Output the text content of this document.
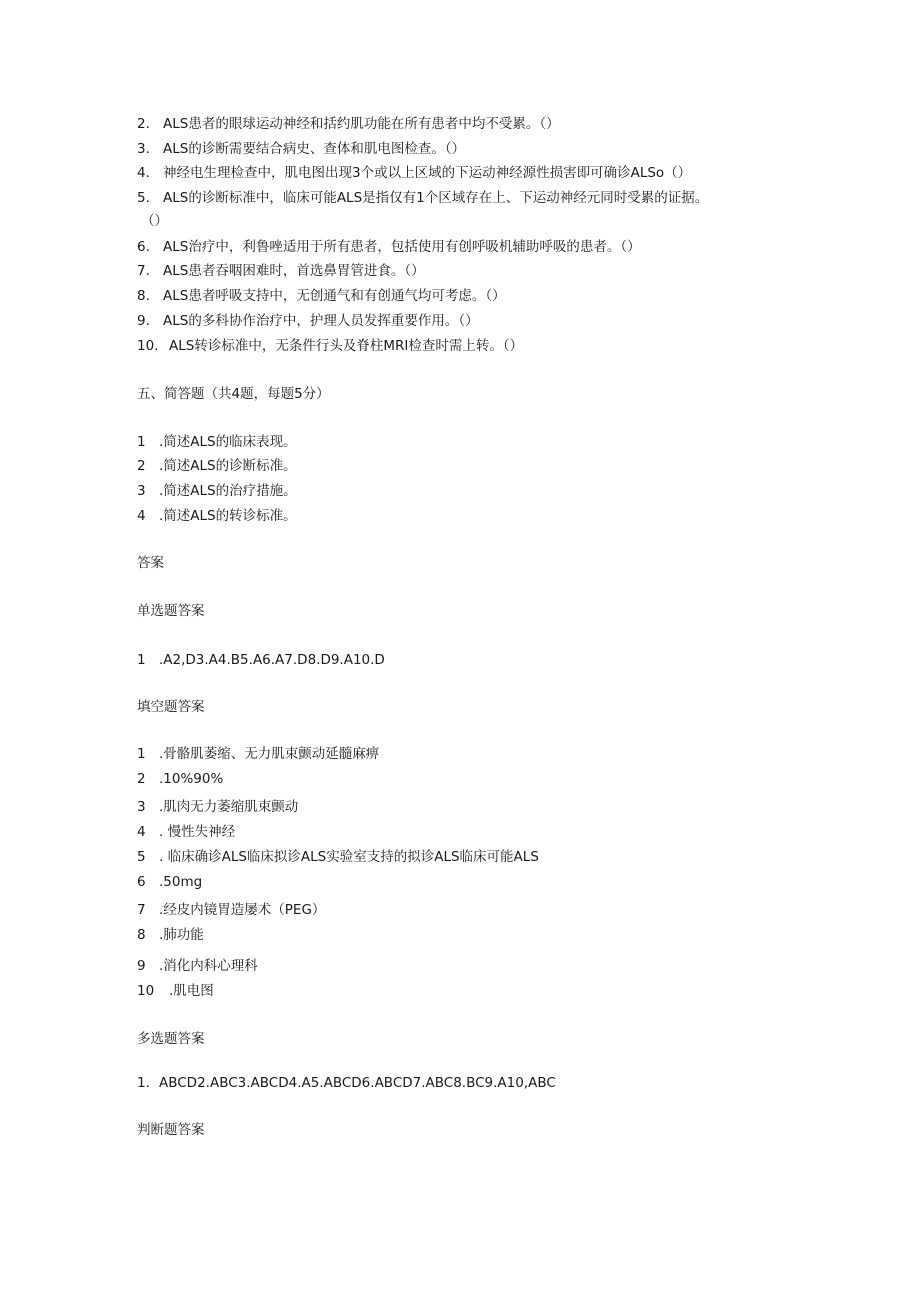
2. ALS患者的眼球运动神经和括约肌功能在所有患者中均不受累。（）
3. ALS的诊断需要结合病史、查体和肌电图检查。（）
4. 神经电生理检查中，肌电图出现3个或以上区域的下运动神经源性损害即可确诊ALSo（）
5. ALS的诊断标准中，临床可能ALS是指仅有1个区域存在上、下运动神经元同时受累的证据。
（）
6. ALS治疗中，利鲁唑适用于所有患者，包括使用有创呼吸机辅助呼吸的患者。（）
7. ALS患者吞咽困难时，首选鼻胃管进食。（）
8. ALS患者呼吸支持中，无创通气和有创通气均可考虑。（）
9. ALS的多科协作治疗中，护理人员发挥重要作用。（）
10. ALS转诊标准中，无条件行头及脊柱MRI检查时需上转。（）
五、简答题（共4题，每题5分）
1 .简述ALS的临床表现。
2 .简述ALS的诊断标准。
3 .简述ALS的治疗措施。
4 .简述ALS的转诊标准。
答案
单选题答案
1 .A2,D3.A4.B5.A6.A7.D8.D9.A10.D
填空题答案
1 .骨骼肌萎缩、无力肌束颤动延髓麻痹
2 .10%90%
3 .肌肉无力萎缩肌束颤动
4 . 慢性失神经
5 . 临床确诊ALS临床拟诊ALS实验室支持的拟诊ALS临床可能ALS
6 .50mg
7 .经皮内镜胃造屡术（PEG）
8 .肺功能
9 .消化内科心理科
10 .肌电图
多选题答案
1. ABCD2.ABC3.ABCD4.A5.ABCD6.ABCD7.ABC8.BC9.A10,ABC
判断题答案
